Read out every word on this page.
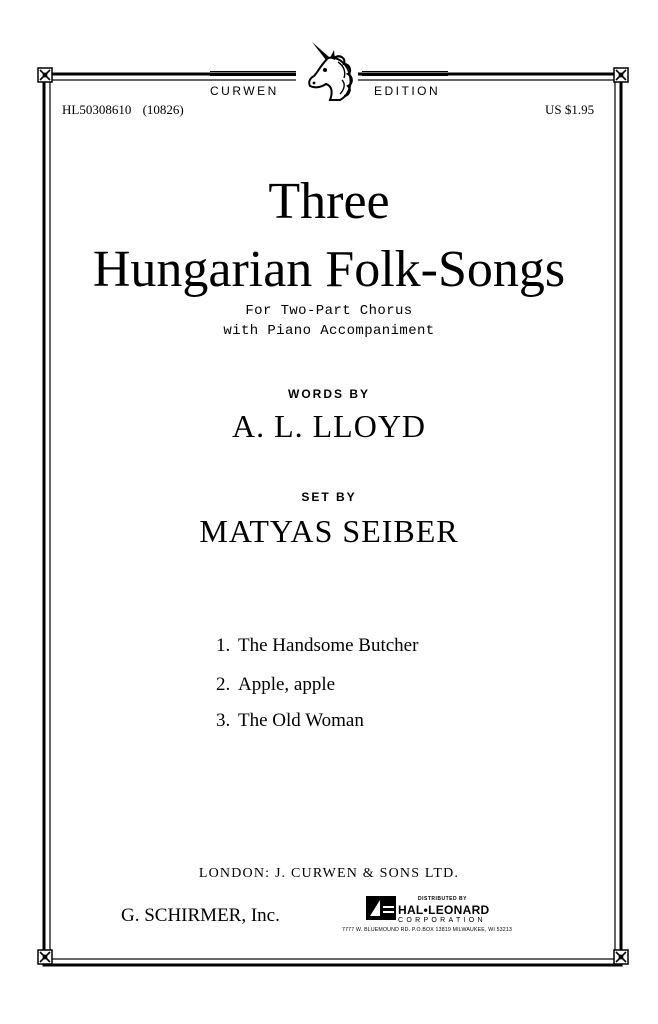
CURWEN	EDITION
HL50308610 (10826)	US $1.95
Three
Hungarian Folk-Songs
For Two-Part Chorus
with Piano Accompaniment
WORDS BY
A. L. LLOYD
SET BY
MATYAS SEIBER
1. The Handsome Butcher
2. Apple, apple
3. The Old Woman
LONDON: J. CURWEN & SONS LTD.
G. SCHIRMER, Inc.
DISTRIBUTED BY
HAL•LEONARD
CORPORATION
7777 W. BLUEMOUND RD. P.O.BOX 13819 MILWAUKEE, WI 53213
